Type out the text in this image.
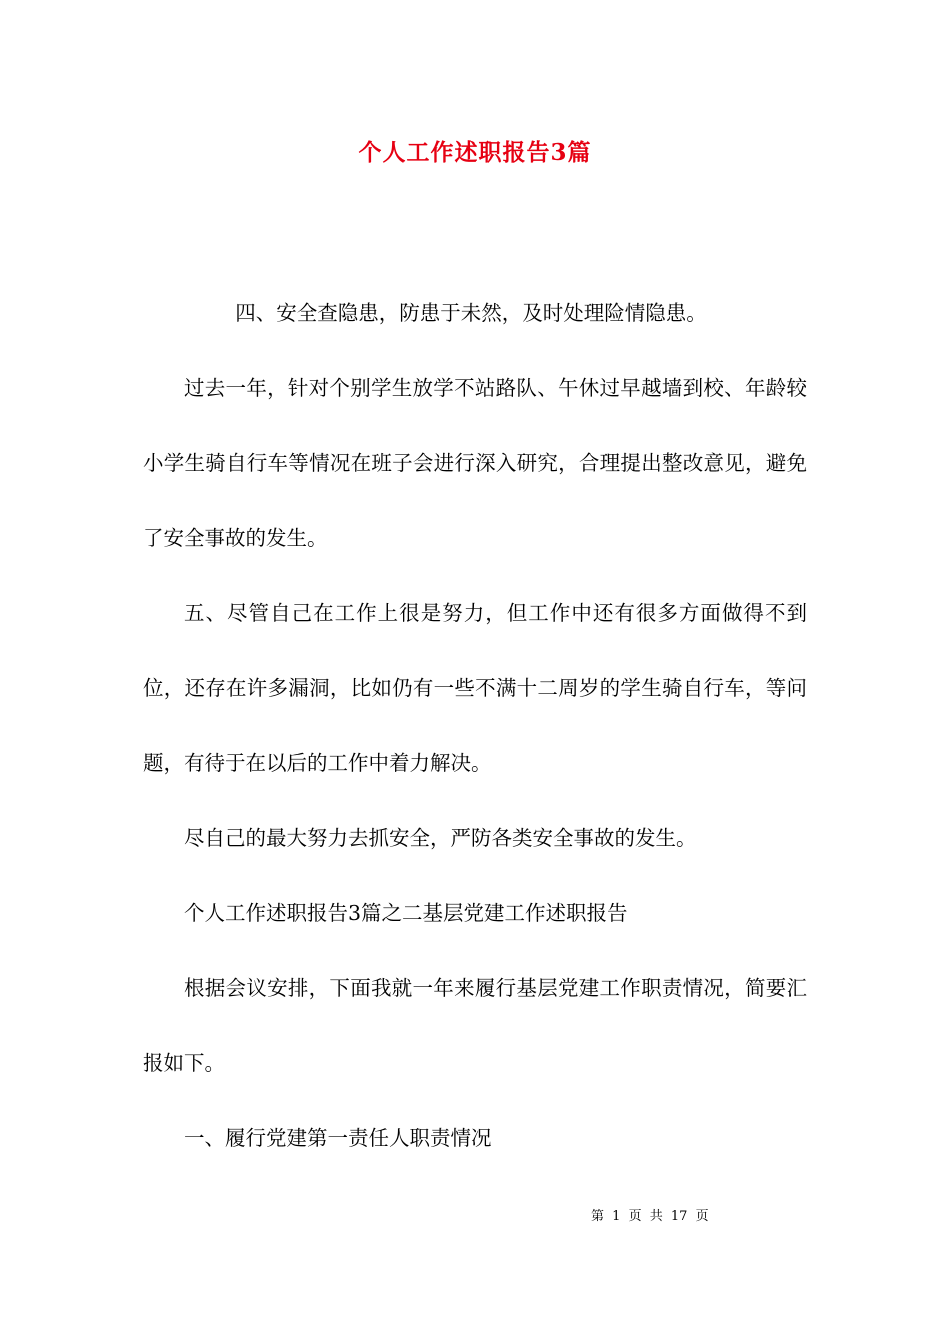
个人工作述职报告3篇

四、安全查隐患，防患于未然，及时处理险情隐患。

过去一年，针对个别学生放学不站路队、午休过早越墙到校、年龄较小学生骑自行车等情况在班子会进行深入研究，合理提出整改意见，避免了安全事故的发生。

五、尽管自己在工作上很是努力，但工作中还有很多方面做得不到位，还存在许多漏洞，比如仍有一些不满十二周岁的学生骑自行车，等问题，有待于在以后的工作中着力解决。

尽自己的最大努力去抓安全，严防各类安全事故的发生。

个人工作述职报告3篇之二基层党建工作述职报告

根据会议安排，下面我就一年来履行基层党建工作职责情况，简要汇报如下。

一、履行党建第一责任人职责情况

第 1 页 共 17 页
